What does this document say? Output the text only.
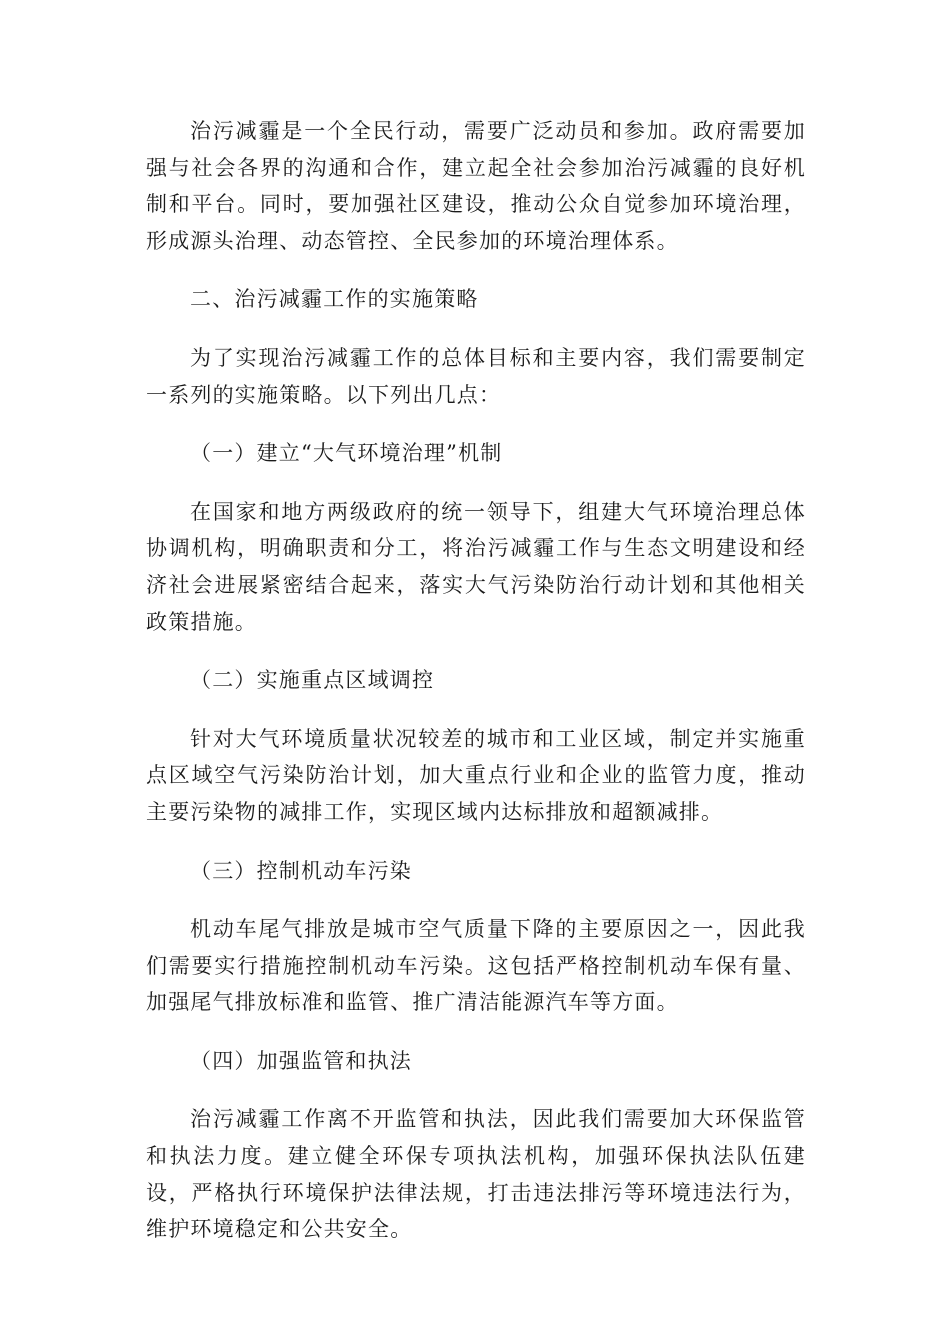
治污减霾是一个全民行动，需要广泛动员和参加。政府需要加强与社会各界的沟通和合作，建立起全社会参加治污减霾的良好机制和平台。同时，要加强社区建设，推动公众自觉参加环境治理，形成源头治理、动态管控、全民参加的环境治理体系。

二、治污减霾工作的实施策略

为了实现治污减霾工作的总体目标和主要内容，我们需要制定一系列的实施策略。以下列出几点：

（一）建立“大气环境治理”机制

在国家和地方两级政府的统一领导下，组建大气环境治理总体协调机构，明确职责和分工，将治污减霾工作与生态文明建设和经济社会进展紧密结合起来，落实大气污染防治行动计划和其他相关政策措施。

（二）实施重点区域调控

针对大气环境质量状况较差的城市和工业区域，制定并实施重点区域空气污染防治计划，加大重点行业和企业的监管力度，推动主要污染物的减排工作，实现区域内达标排放和超额减排。

（三）控制机动车污染

机动车尾气排放是城市空气质量下降的主要原因之一，因此我们需要实行措施控制机动车污染。这包括严格控制机动车保有量、加强尾气排放标准和监管、推广清洁能源汽车等方面。

（四）加强监管和执法

治污减霾工作离不开监管和执法，因此我们需要加大环保监管和执法力度。建立健全环保专项执法机构，加强环保执法队伍建设，严格执行环境保护法律法规，打击违法排污等环境违法行为，维护环境稳定和公共安全。
